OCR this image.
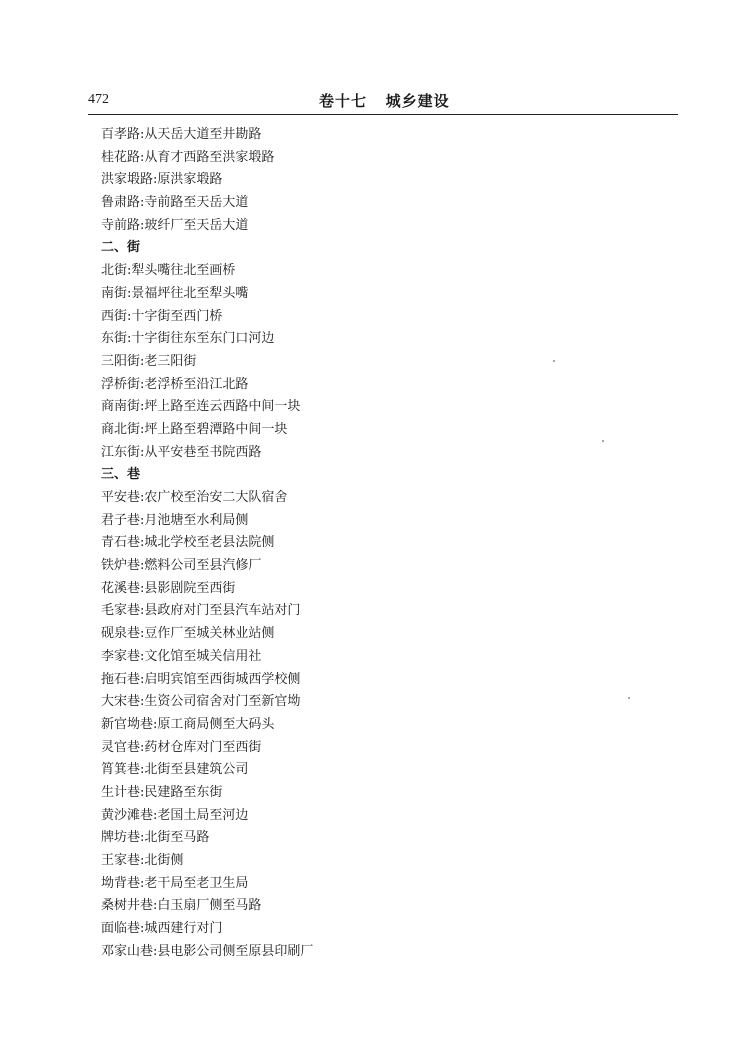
472	卷十七   城乡建设
百孝路:从天岳大道至井勘路
桂花路:从育才西路至洪家塅路
洪家塅路:原洪家塅路
鲁肃路:寺前路至天岳大道
寺前路:玻纤厂至天岳大道
二、街
北街:犁头嘴往北至画桥
南街:景福坪往北至犁头嘴
西街:十字街至西门桥
东街:十字街往东至东门口河边
三阳街:老三阳街
浮桥街:老浮桥至沿江北路
商南街:坪上路至连云西路中间一块
商北街:坪上路至碧潭路中间一块
江东街:从平安巷至书院西路
三、巷
平安巷:农广校至治安二大队宿舍
君子巷:月池塘至水利局侧
青石巷:城北学校至老县法院侧
铁炉巷:燃料公司至县汽修厂
花溪巷:县影剧院至西街
毛家巷:县政府对门至县汽车站对门
砚泉巷:豆作厂至城关林业站侧
李家巷:文化馆至城关信用社
拖石巷:启明宾馆至西街城西学校侧
大宋巷:生资公司宿舍对门至新官坳
新官坳巷:原工商局侧至大码头
灵官巷:药材仓库对门至西街
筲箕巷:北街至县建筑公司
生计巷:民建路至东街
黄沙滩巷:老国土局至河边
牌坊巷:北街至马路
王家巷:北街侧
坳背巷:老干局至老卫生局
桑树井巷:白玉扇厂侧至马路
面临巷:城西建行对门
邓家山巷:县电影公司侧至原县印刷厂
